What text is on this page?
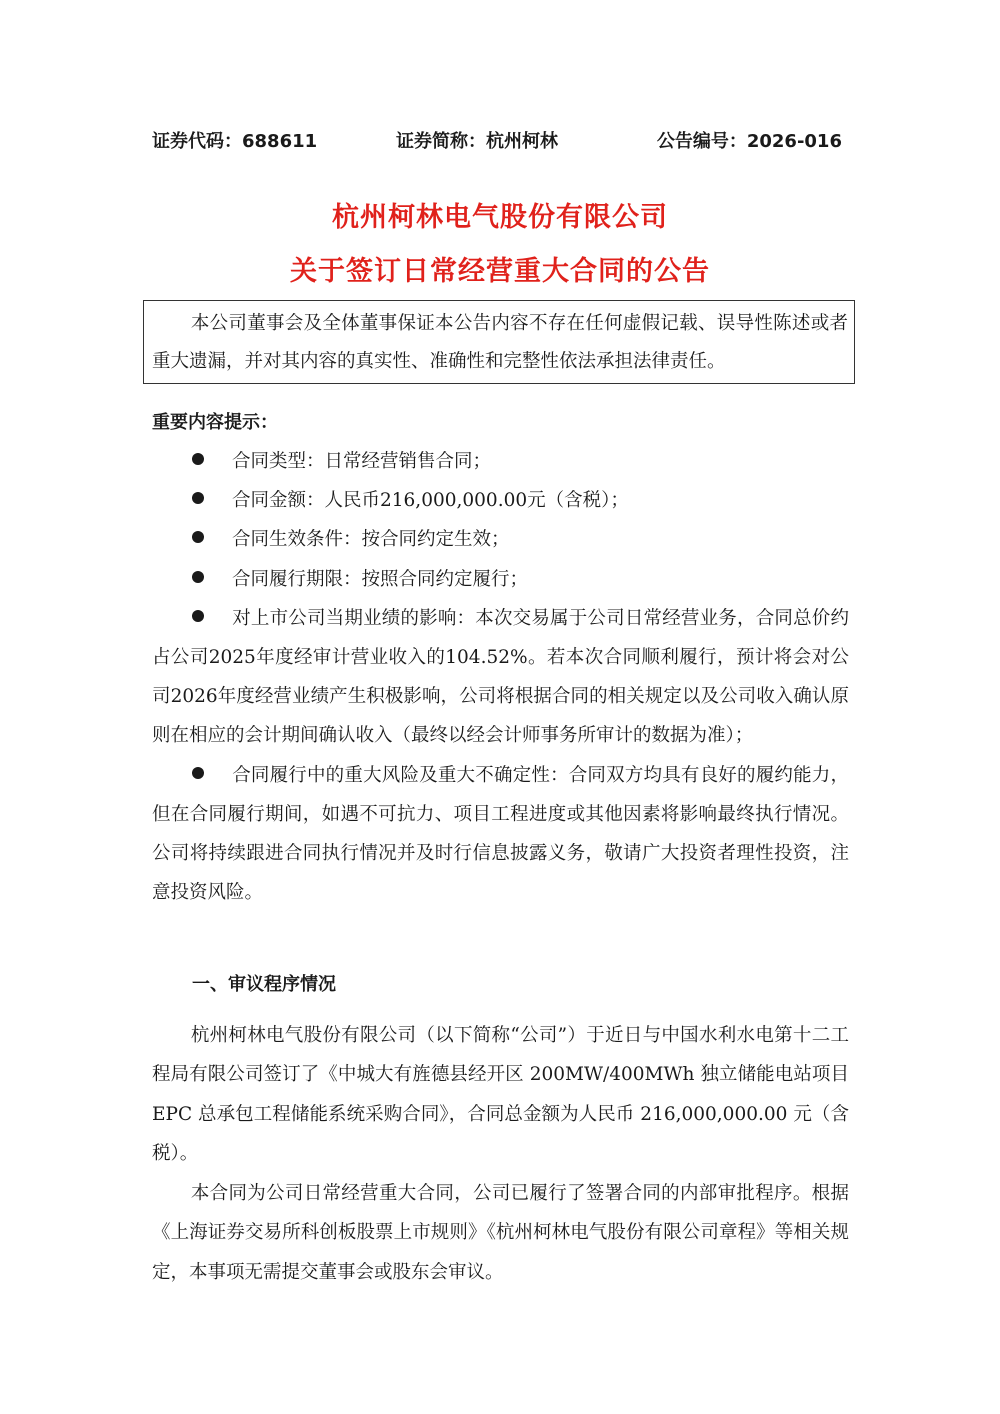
证券代码：688611	证券简称：杭州柯林	公告编号：2026-016
杭州柯林电气股份有限公司
关于签订日常经营重大合同的公告
本公司董事会及全体董事保证本公告内容不存在任何虚假记载、误导性陈述或者重大遗漏，并对其内容的真实性、准确性和完整性依法承担法律责任。
重要内容提示：
合同类型：日常经营销售合同；
合同金额：人民币216,000,000.00元（含税）；
合同生效条件：按合同约定生效；
合同履行期限：按照合同约定履行；
对上市公司当期业绩的影响：本次交易属于公司日常经营业务，合同总价约占公司2025年度经审计营业收入的104.52%。若本次合同顺利履行，预计将会对公司2026年度经营业绩产生积极影响，公司将根据合同的相关规定以及公司收入确认原则在相应的会计期间确认收入（最终以经会计师事务所审计的数据为准）；
合同履行中的重大风险及重大不确定性：合同双方均具有良好的履约能力，但在合同履行期间，如遇不可抗力、项目工程进度或其他因素将影响最终执行情况。公司将持续跟进合同执行情况并及时行信息披露义务，敬请广大投资者理性投资，注意投资风险。
一、审议程序情况

杭州柯林电气股份有限公司（以下简称“公司”）于近日与中国水利水电第十二工程局有限公司签订了《中城大有旌德县经开区 200MW/400MWh 独立储能电站项目 EPC 总承包工程储能系统采购合同》，合同总金额为人民币 216,000,000.00 元（含税）。

本合同为公司日常经营重大合同，公司已履行了签署合同的内部审批程序。根据《上海证券交易所科创板股票上市规则》《杭州柯林电气股份有限公司章程》等相关规定，本事项无需提交董事会或股东会审议。
